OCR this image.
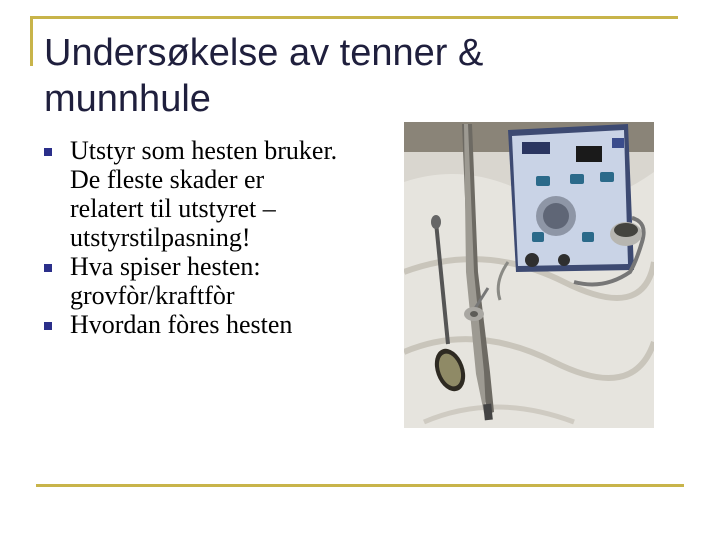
Undersøkelse av tenner & munnhule
Utstyr som hesten bruker. De fleste skader er relatert til utstyret – utstyrstilpasning!
Hva spiser hesten: grovfòr/kraftfòr
Hvordan fòres hesten
